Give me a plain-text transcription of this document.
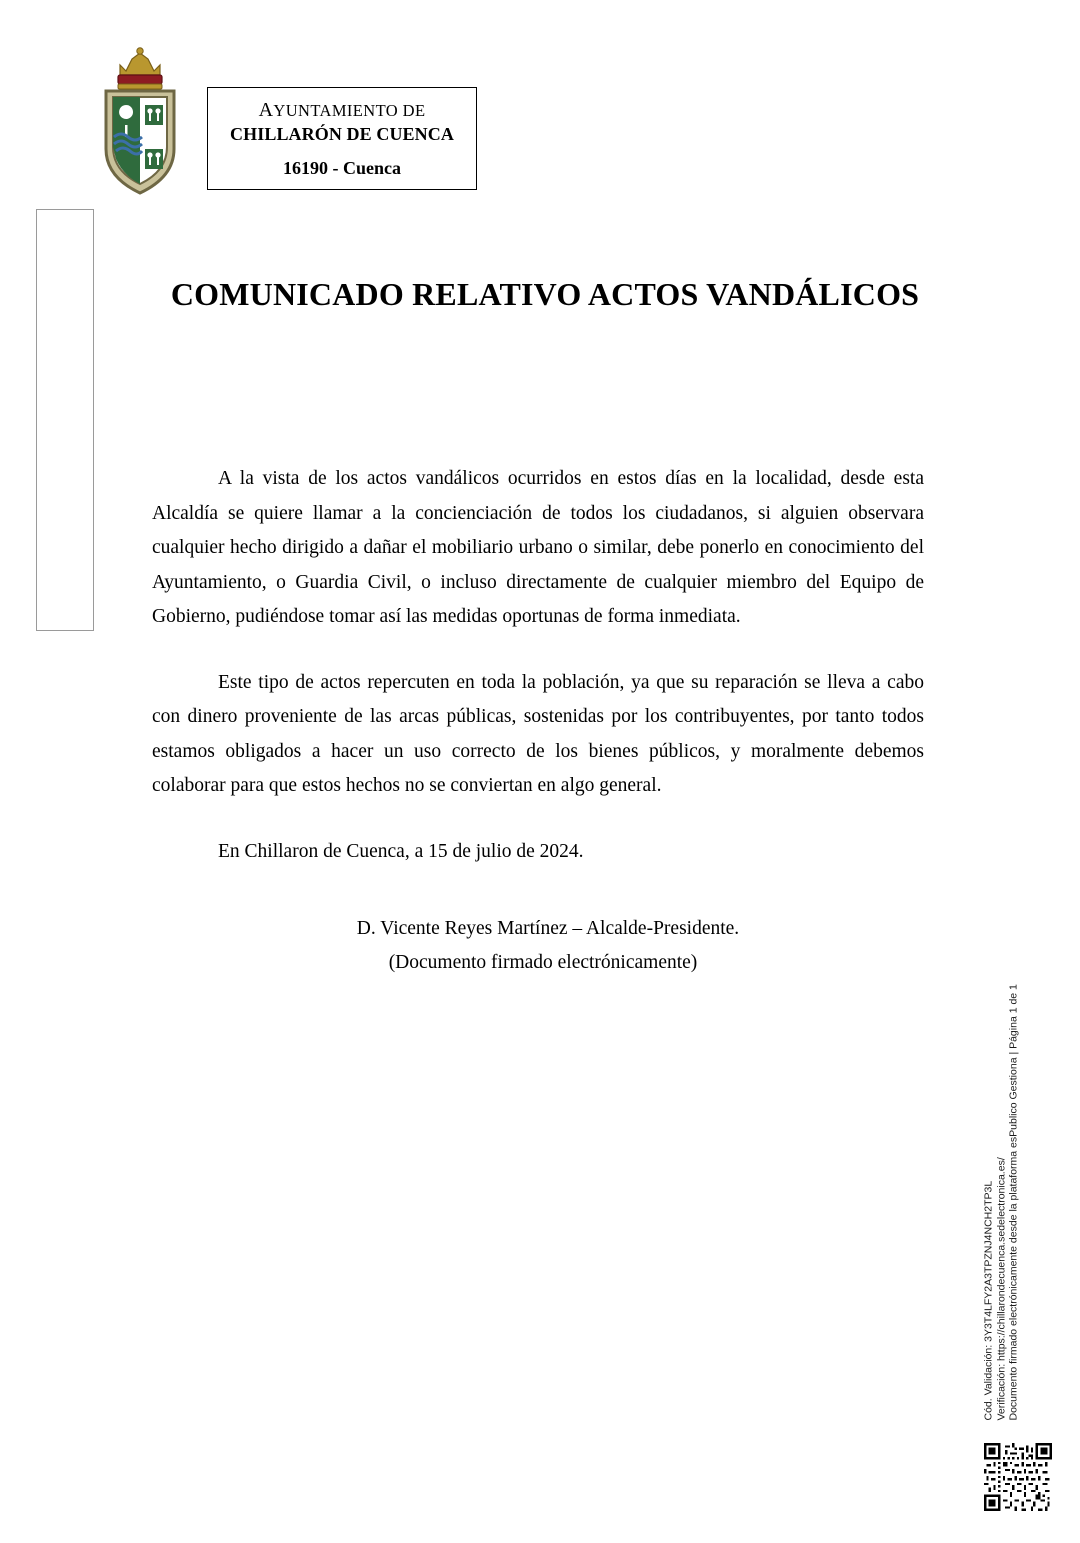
AYUNTAMIENTO DE
CHILLARÓN DE CUENCA
16190 - Cuenca
COMUNICADO RELATIVO ACTOS VANDÁLICOS

A la vista de los actos vandálicos ocurridos en estos días en la localidad, desde esta Alcaldía se quiere llamar a la concienciación de todos los ciudadanos, si alguien observara cualquier hecho dirigido a dañar el mobiliario urbano o similar, debe ponerlo en conocimiento del Ayuntamiento, o Guardia Civil, o incluso directamente de cualquier miembro del Equipo de Gobierno, pudiéndose tomar así las medidas oportunas de forma inmediata.

Este tipo de actos repercuten en toda la población, ya que su reparación se lleva a cabo con dinero proveniente de las arcas públicas, sostenidas por los contribuyentes, por tanto todos estamos obligados a hacer un uso correcto de los bienes públicos, y moralmente debemos colaborar para que estos hechos no se conviertan en algo general.

En Chillaron de Cuenca, a 15 de julio de 2024.

D. Vicente Reyes Martínez – Alcalde-Presidente.
(Documento firmado electrónicamente)
Cód. Validación: 3Y3T4LFY2A3TPZNJ4NCH2TP3L Verificación: https://chillarondecuenca.sedelectronica.es/ Documento firmado electrónicamente desde la plataforma esPublico Gestiona | Página 1 de 1
